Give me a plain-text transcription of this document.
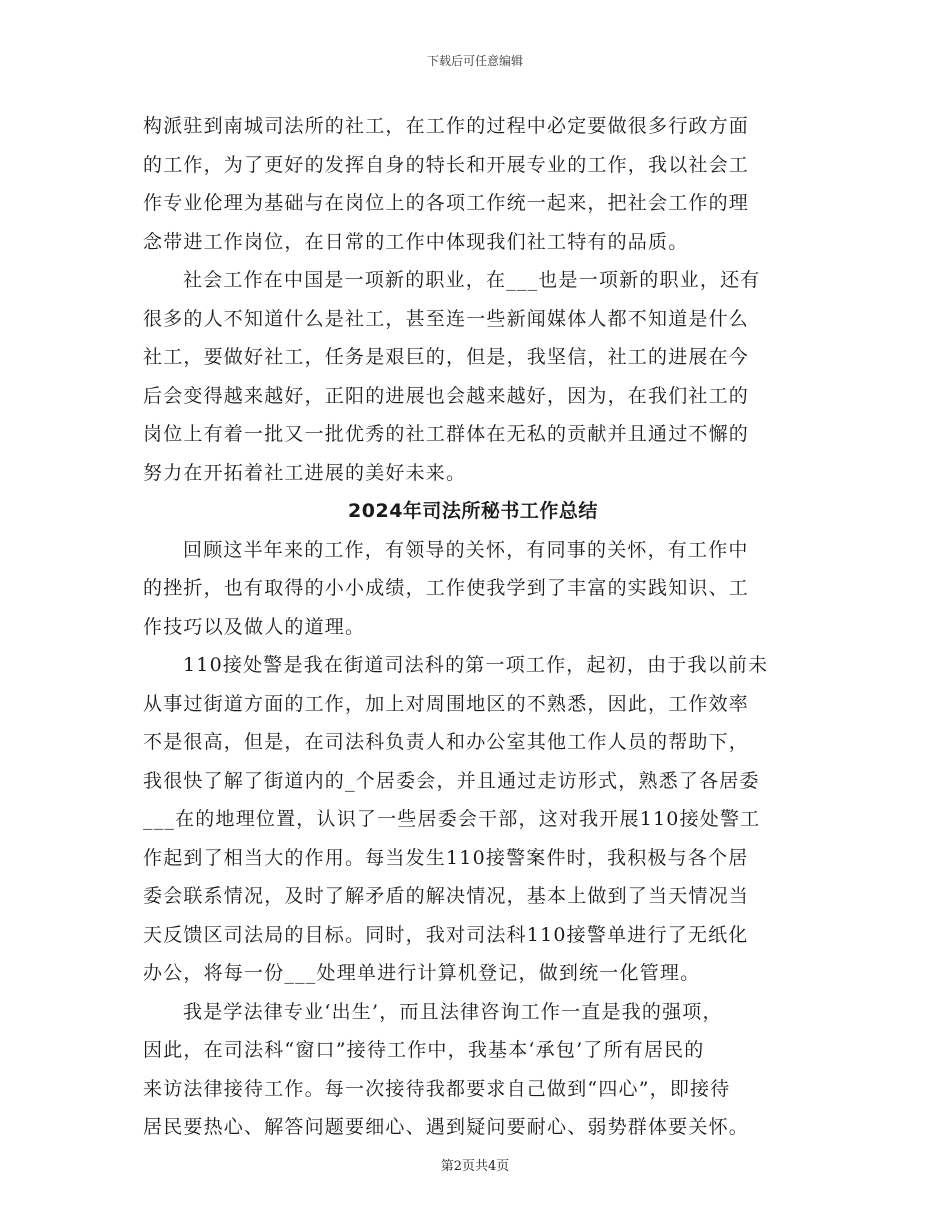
下载后可任意编辑
构派驻到南城司法所的社工，在工作的过程中必定要做很多行政方面
的工作，为了更好的发挥自身的特长和开展专业的工作，我以社会工
作专业伦理为基础与在岗位上的各项工作统一起来，把社会工作的理
念带进工作岗位，在日常的工作中体现我们社工特有的品质。
社会工作在中国是一项新的职业，在___也是一项新的职业，还有
很多的人不知道什么是社工，甚至连一些新闻媒体人都不知道是什么
社工，要做好社工，任务是艰巨的，但是，我坚信，社工的进展在今
后会变得越来越好，正阳的进展也会越来越好，因为，在我们社工的
岗位上有着一批又一批优秀的社工群体在无私的贡献并且通过不懈的
努力在开拓着社工进展的美好未来。
2024年司法所秘书工作总结
回顾这半年来的工作，有领导的关怀，有同事的关怀，有工作中
的挫折，也有取得的小小成绩，工作使我学到了丰富的实践知识、工
作技巧以及做人的道理。
110接处警是我在街道司法科的第一项工作，起初，由于我以前未
从事过街道方面的工作，加上对周围地区的不熟悉，因此，工作效率
不是很高，但是，在司法科负责人和办公室其他工作人员的帮助下，
我很快了解了街道内的_个居委会，并且通过走访形式，熟悉了各居委
___在的地理位置，认识了一些居委会干部，这对我开展110接处警工
作起到了相当大的作用。每当发生110接警案件时，我积极与各个居
委会联系情况，及时了解矛盾的解决情况，基本上做到了当天情况当
天反馈区司法局的目标。同时，我对司法科110接警单进行了无纸化
办公，将每一份___处理单进行计算机登记，做到统一化管理。
我是学法律专业‘出生’，而且法律咨询工作一直是我的强项，
因此，在司法科“窗口”接待工作中，我基本‘承包’了所有居民的
来访法律接待工作。每一次接待我都要求自己做到“四心”，即接待
居民要热心、解答问题要细心、遇到疑问要耐心、弱势群体要关怀。
第2页共4页
